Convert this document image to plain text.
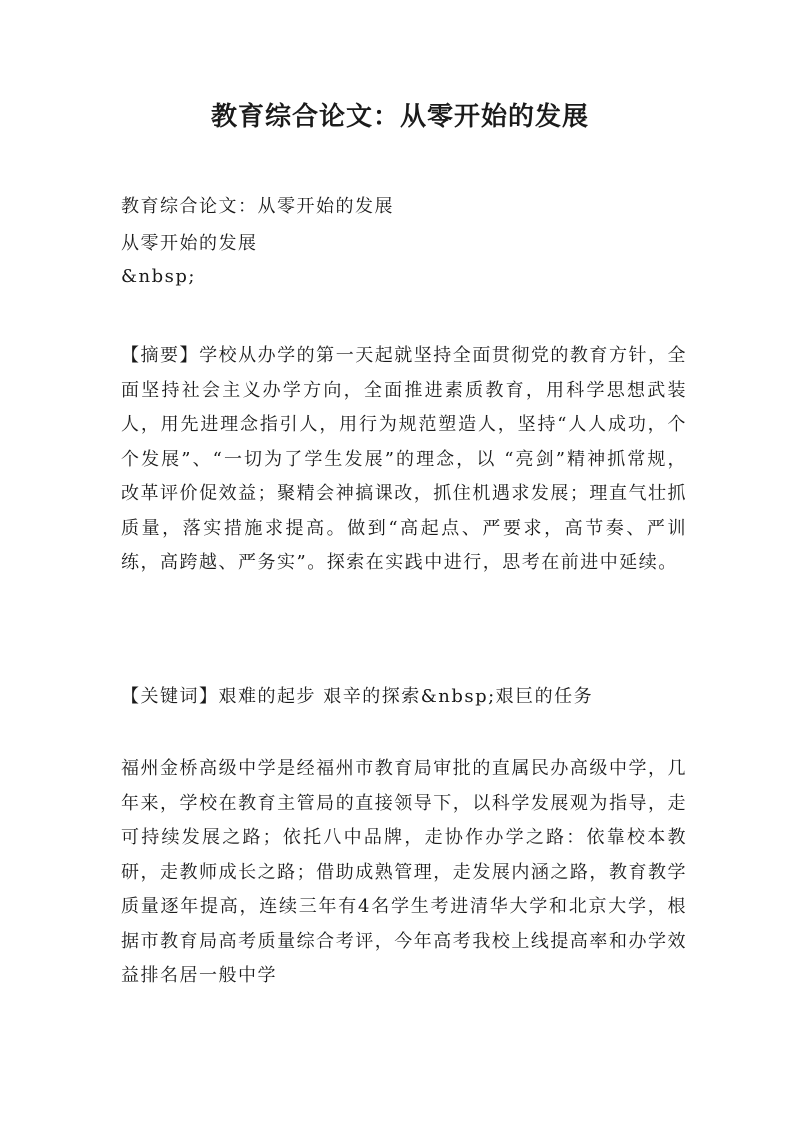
教育综合论文：从零开始的发展
教育综合论文：从零开始的发展
从零开始的发展
&nbsp;
【摘要】学校从办学的第一天起就坚持全面贯彻党的教育方针，全面坚持社会主义办学方向，全面推进素质教育，用科学思想武装人，用先进理念指引人，用行为规范塑造人，坚持“人人成功，个个发展”、“一切为了学生发展”的理念，以 “亮剑”精神抓常规，改革评价促效益；聚精会神搞课改，抓住机遇求发展；理直气壮抓质量，落实措施求提高。做到“高起点、严要求，高节奏、严训练，高跨越、严务实”。探索在实践中进行，思考在前进中延续。
【关键词】艰难的起步 艰辛的探索&nbsp;艰巨的任务
福州金桥高级中学是经福州市教育局审批的直属民办高级中学，几年来，学校在教育主管局的直接领导下，以科学发展观为指导，走可持续发展之路；依托八中品牌，走协作办学之路：依靠校本教研，走教师成长之路；借助成熟管理，走发展内涵之路，教育教学质量逐年提高，连续三年有4名学生考进清华大学和北京大学，根据市教育局高考质量综合考评，今年高考我校上线提高率和办学效益排名居一般中学
